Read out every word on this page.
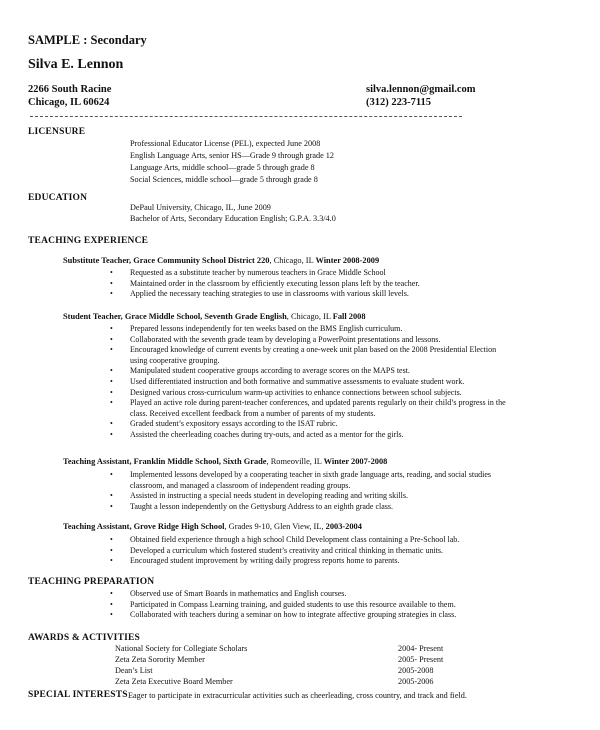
SAMPLE : Secondary
Silva E. Lennon
2266 South Racine
Chicago, IL 60624
silva.lennon@gmail.com
(312) 223-7115
LICENSURE
Professional Educator License (PEL), expected June 2008
English Language Arts, senior HS—Grade 9 through grade 12
Language Arts, middle school—grade 5 through grade 8
Social Sciences, middle school—grade 5 through grade 8
EDUCATION
DePaul University, Chicago, IL, June 2009
Bachelor of Arts, Secondary Education English; G.P.A. 3.3/4.0
TEACHING EXPERIENCE
Substitute Teacher, Grace Community School District 220, Chicago, IL Winter 2008-2009
• Requested as a substitute teacher by numerous teachers in Grace Middle School
• Maintained order in the classroom by efficiently executing lesson plans left by the teacher.
• Applied the necessary teaching strategies to use in classrooms with various skill levels.
Student Teacher, Grace Middle School, Seventh Grade English, Chicago, IL Fall 2008
• Prepared lessons independently for ten weeks based on the BMS English curriculum.
• Collaborated with the seventh grade team by developing a PowerPoint presentations and lessons.
• Encouraged knowledge of current events by creating a one-week unit plan based on the 2008 Presidential Election
using cooperative grouping.
• Manipulated student cooperative groups according to average scores on the MAPS test.
• Used differentiated instruction and both formative and summative assessments to evaluate student work.
• Designed various cross-curriculum warm-up activities to enhance connections between school subjects.
• Played an active role during parent-teacher conferences, and updated parents regularly on their child’s progress in the
class. Received excellent feedback from a number of parents of my students.
• Graded student’s expository essays according to the ISAT rubric.
• Assisted the cheerleading coaches during try-outs, and acted as a mentor for the girls.
Teaching Assistant, Franklin Middle School, Sixth Grade, Romeoville, IL Winter 2007-2008
• Implemented lessons developed by a cooperating teacher in sixth grade language arts, reading, and social studies
classroom, and managed a classroom of independent reading groups.
• Assisted in instructing a special needs student in developing reading and writing skills.
• Taught a lesson independently on the Gettysburg Address to an eighth grade class.
Teaching Assistant, Grove Ridge High School, Grades 9-10, Glen View, IL, 2003-2004
• Obtained field experience through a high school Child Development class containing a Pre-School lab.
• Developed a curriculum which fostered student’s creativity and critical thinking in thematic units.
• Encouraged student improvement by writing daily progress reports home to parents.
TEACHING PREPARATION
• Observed use of Smart Boards in mathematics and English courses.
• Participated in Compass Learning training, and guided students to use this resource available to them.
• Collaborated with teachers during a seminar on how to integrate affective grouping strategies in class.
AWARDS & ACTIVITIES
National Society for Collegiate Scholars	2004- Present
Zeta Zeta Sorority Member	2005- Present
Dean’s List	2005-2008
Zeta Zeta Executive Board Member	2005-2006
SPECIAL INTERESTS Eager to participate in extracurricular activities such as cheerleading, cross country, and track and field.
